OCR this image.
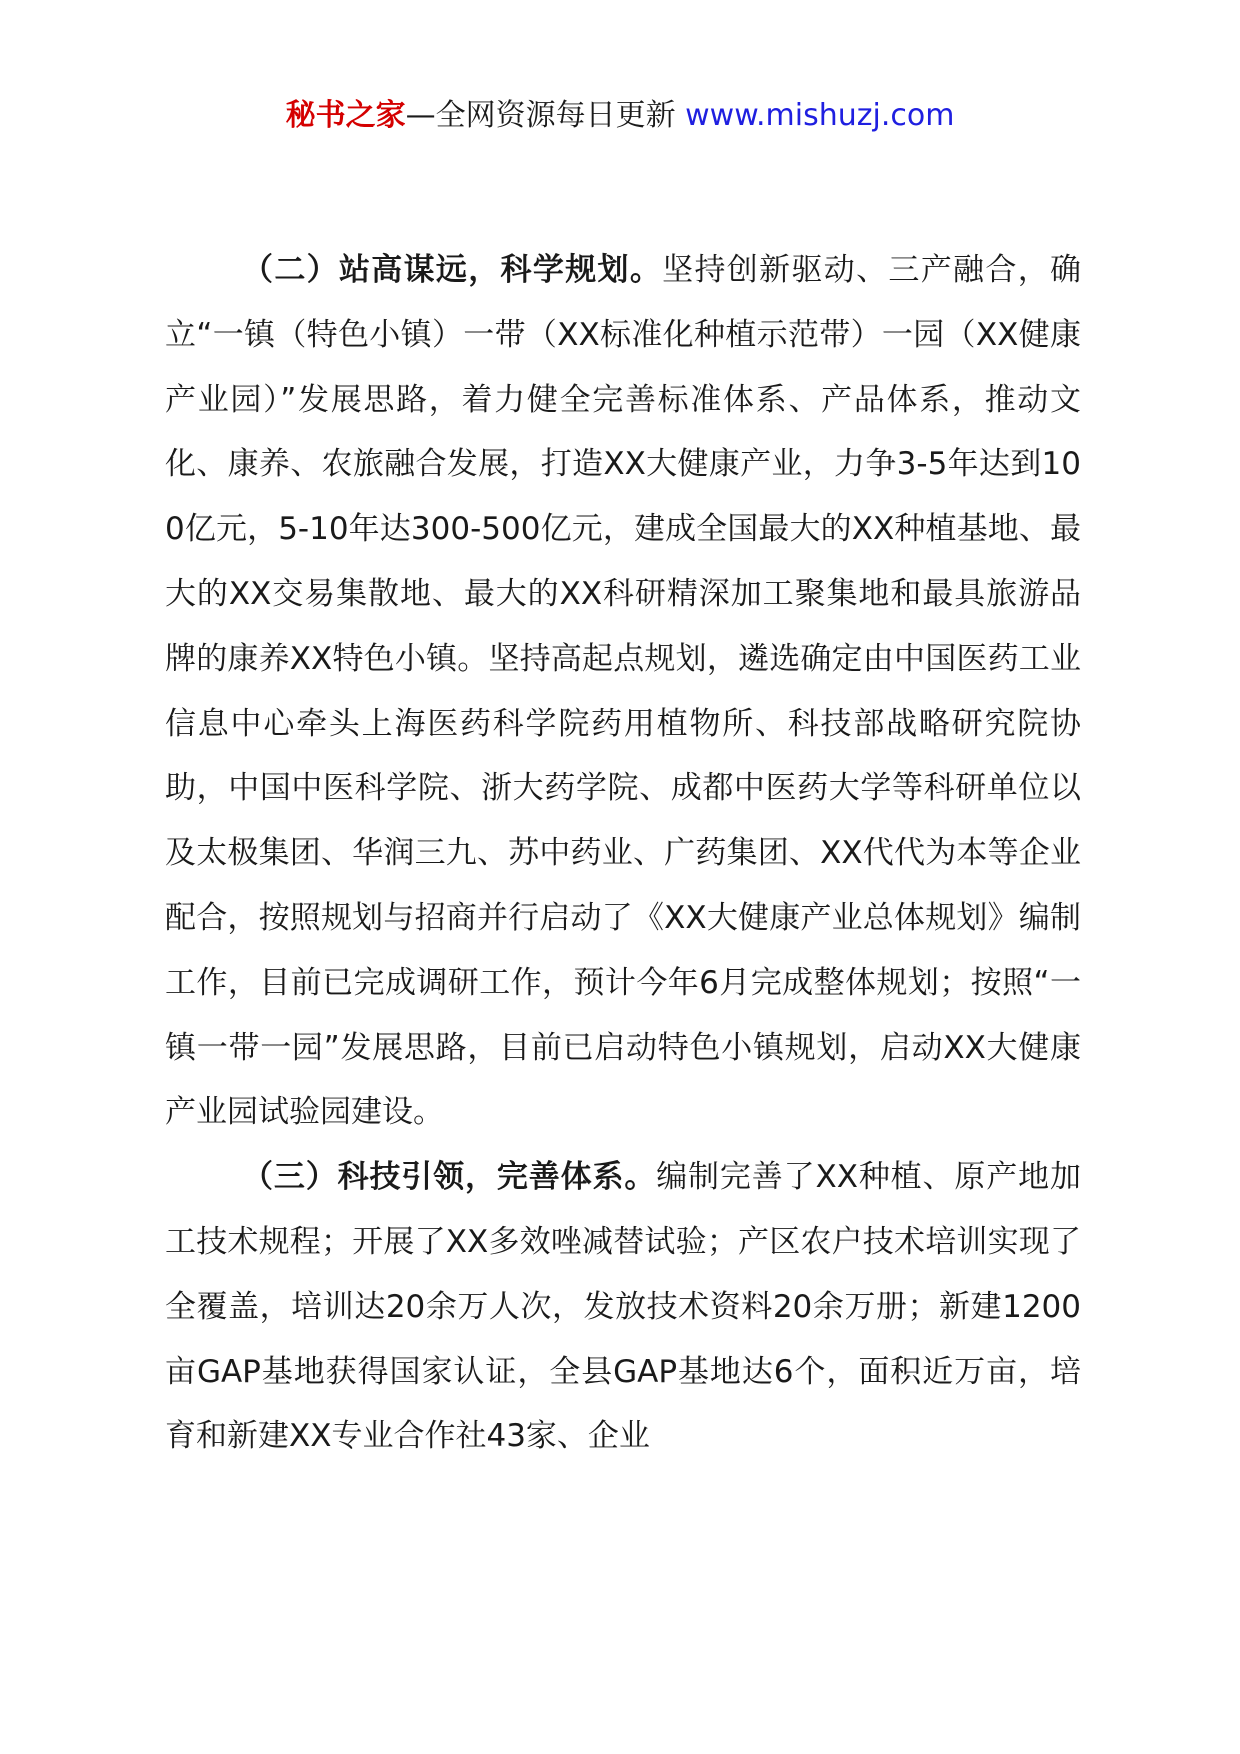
秘书之家—全网资源每日更新 www.mishuzj.com

（二）站高谋远，科学规划。坚持创新驱动、三产融合，确立“一镇（特色小镇）一带（XX标准化种植示范带）一园（XX健康产业园）”发展思路，着力健全完善标准体系、产品体系，推动文化、康养、农旅融合发展，打造XX大健康产业，力争3-5年达到100亿元，5-10年达300-500亿元，建成全国最大的XX种植基地、最大的XX交易集散地、最大的XX科研精深加工聚集地和最具旅游品牌的康养XX特色小镇。坚持高起点规划，遴选确定由中国医药工业信息中心牵头上海医药科学院药用植物所、科技部战略研究院协助，中国中医科学院、浙大药学院、成都中医药大学等科研单位以及太极集团、华润三九、苏中药业、广药集团、XX代代为本等企业配合，按照规划与招商并行启动了《XX大健康产业总体规划》编制工作，目前已完成调研工作，预计今年6月完成整体规划；按照“一镇一带一园”发展思路，目前已启动特色小镇规划，启动XX大健康产业园试验园建设。

（三）科技引领，完善体系。编制完善了XX种植、原产地加工技术规程；开展了XX多效唑减替试验；产区农户技术培训实现了全覆盖，培训达20余万人次，发放技术资料20余万册；新建1200亩GAP基地获得国家认证，全县GAP基地达6个，面积近万亩，培育和新建XX专业合作社43家、企业
